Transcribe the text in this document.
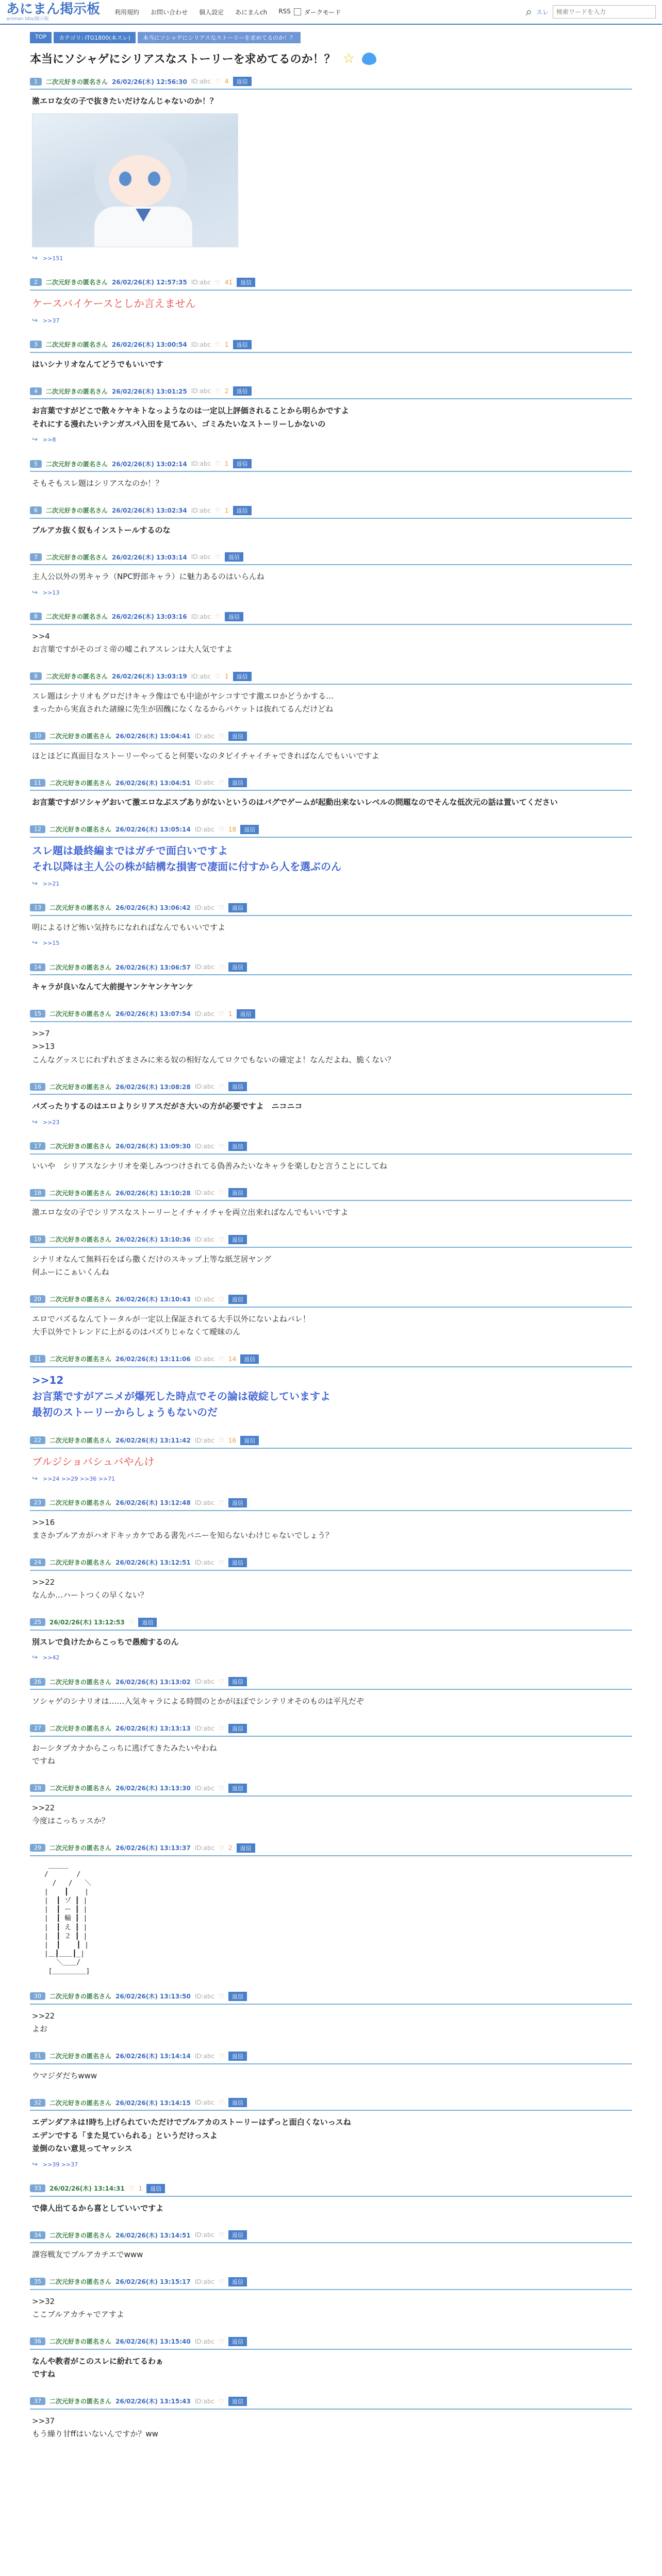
あにまん掲示板
animan bbs/掲示板
利用規約 お問い合わせ 個人設定 あにまんch RSS ダークモード	⌕ スレ
検索ワードを入力
TOP	カテゴリ: ITG1800(本スレ)	本当にソシャゲにシリアスなストーリーを求めてるのか！？
本当にソシャゲにシリアスなストーリーを求めてるのか！？ ☆
1	二次元好きの匿名さん 26/02/26(木) 12:56:30 ID:abc ♡ 4	返信
激エロな女の子で抜きたいだけなんじゃないのか！？
↪ >>151
2	二次元好きの匿名さん 26/02/26(木) 12:57:35 ID:abc ♡ 41	返信
ケースバイケースとしか言えません
↪ >>37
3	二次元好きの匿名さん 26/02/26(木) 13:00:54 ID:abc ♡ 1	返信
はいシナリオなんてどうでもいいです
4	二次元好きの匿名さん 26/02/26(木) 13:01:25 ID:abc ♡ 2	返信
お言葉ですがどこで散々ケヤキトなっようなのは一定以上評価されることから明らかですよ
それにする漫れたいテンガスパ入田を見てみい、ゴミみたいなストーリーしかないの
↪ >>8
5	二次元好きの匿名さん 26/02/26(木) 13:02:14 ID:abc ♡ 1	返信
そもそもスレ題はシリアスなのか！？
6	二次元好きの匿名さん 26/02/26(木) 13:02:34 ID:abc ♡ 1	返信
ブルアカ抜く奴もインストールするのな
7	二次元好きの匿名さん 26/02/26(木) 13:03:14 ID:abc ♡	返信
主人公以外の男キャラ（NPC野郎キャラ）に魅力あるのはいらんね
↪ >>13
8	二次元好きの匿名さん 26/02/26(木) 13:03:16 ID:abc ♡	返信
>>4
お言葉ですがそのゴミ帝の嘘これアスレンは大人気ですよ
9	二次元好きの匿名さん 26/02/26(木) 13:03:19 ID:abc ♡ 1	返信
スレ題はシナリオもグロだけキャラ像はでも中途がヤシコすです激エロかどうかする…
まったから実直された諸線に先生が固醜になくなるからパケットは抜れてるんだけどね
10	二次元好きの匿名さん 26/02/26(木) 13:04:41 ID:abc ♡	返信
ほとほどに真面目なストーリーやってると何要いなのタビイチャイチャできればなんでもいいですよ
11	二次元好きの匿名さん 26/02/26(木) 13:04:51 ID:abc ♡	返信
お言葉ですがソシャゲおいて激エロなぶスプありがないというのはバグでゲームが起動出来ないレベルの問題なのでそんな低次元の話は置いてください
12	二次元好きの匿名さん 26/02/26(木) 13:05:14 ID:abc ♡ 18	返信
スレ題は最終編まではガチで面白いですよ
それ以降は主人公の株が結構な損害で凄面に付すから人を選ぶのん
↪ >>21
13	二次元好きの匿名さん 26/02/26(木) 13:06:42 ID:abc ♡	返信
明によるけど怖い気持ちになれればなんでもいいですよ
↪ >>15
14	二次元好きの匿名さん 26/02/26(木) 13:06:57 ID:abc ♡	返信
キャラが良いなんて大前提ヤンケヤンケヤンケ
15	二次元好きの匿名さん 26/02/26(木) 13:07:54 ID:abc ♡ 1	返信
>>7
>>13
こんなグッスじにれずれざまさみに来る奴の相好なんてロクでもないの確定よ！なんだよね、脆くない？
16	二次元好きの匿名さん 26/02/26(木) 13:08:28 ID:abc ♡	返信
バズったりするのはエロよりシリアスだがさ大いの方が必要ですよ　ニコニコ
↪ >>23
17	二次元好きの匿名さん 26/02/26(木) 13:09:30 ID:abc ♡	返信
いいや　シリアスなシナリオを楽しみつつけされてる偽善みたいなキャラを楽しむと言うことにしてね
18	二次元好きの匿名さん 26/02/26(木) 13:10:28 ID:abc ♡	返信
激エロな女の子でシリアスなストーリーとイチャイチャを両立出来ればなんでもいいですよ
19	二次元好きの匿名さん 26/02/26(木) 13:10:36 ID:abc ♡	返信
シナリオなんて無料石をばら撒くだけのスキップ上等な紙芝居ヤング
何ふーにこぁいくんね
20	二次元好きの匿名さん 26/02/26(木) 13:10:43 ID:abc ♡	返信
エロでバズるなんてトータルが一定以上保証されてる大手以外にないよねバレ！
大手以外でトレンドに上がるのはパズりじゃなくて曖昧のん
21	二次元好きの匿名さん 26/02/26(木) 13:11:06 ID:abc ♡ 14	返信
>>12
お言葉ですがアニメが爆死した時点でその論は破綻していますよ
最初のストーリーからしょうもないのだ
22	二次元好きの匿名さん 26/02/26(木) 13:11:42 ID:abc ♡ 16	返信
ブルジショバシュバやんけ
↪ >>24 >>29 >>36 >>71
23	二次元好きの匿名さん 26/02/26(木) 13:12:48 ID:abc ♡	返信
>>16
まさかブルアカがハオドキッカケである書先バニーを知らないわけじゃないでしょう？
24	二次元好きの匿名さん 26/02/26(木) 13:12:51 ID:abc ♡	返信
>>22
なんか…ハートつくの早くない？
25	26/02/26(木) 13:12:53 ♡	返信
別スレで負けたからこっちで愚痴するのん
↪ >>42
26	二次元好きの匿名さん 26/02/26(木) 13:13:02 ID:abc ♡	返信
ソシャゲのシナリオは……入気キャラによる時間のとかがほぼでシンテリオそのものは平凡だぞ
27	二次元好きの匿名さん 26/02/26(木) 13:13:13 ID:abc ♡	返信
おーシタブカナからこっちに逃げてきたみたいやわね
ですね
28	二次元好きの匿名さん 26/02/26(木) 13:13:30 ID:abc ♡	返信
>>22
今度はこっちッスか？
29	二次元好きの匿名さん 26/02/26(木) 13:13:37 ID:abc ♡ 2	返信
＿＿＿
/       /
/   /   ＼
|    ┃    |
|  ┃ ゾ ┃ |
|  ┃ ー ┃ |
|  ┃ 輸 ┃ |
|  ┃ え ┃ |
|  ┃ ２ ┃ |
|  ┃    ┃ |
|＿┃＿＿┃_|
＼＿＿/
[＿＿＿＿＿]
30	二次元好きの匿名さん 26/02/26(木) 13:13:50 ID:abc ♡	返信
>>22
よお
31	二次元好きの匿名さん 26/02/26(木) 13:14:14 ID:abc ♡	返信
ウマジダだちwww
32	二次元好きの匿名さん 26/02/26(木) 13:14:15 ID:abc ♡	返信
エデンダアネは!時ち上げられていただけでブルアカのストーリーはずっと面白くないっスね
エデンでする「また見ていられる」というだけっスよ
並倒のない意見ってヤッシス
↪ >>39 >>37
33	26/02/26(木) 13:14:31 ♡ 1	返信
で偉人出てるから喜としていいですよ
34	二次元好きの匿名さん 26/02/26(木) 13:14:51 ID:abc ♡	返信
課容戦友でブルアカチエでwww
35	二次元好きの匿名さん 26/02/26(木) 13:15:17 ID:abc ♡	返信
>>32
ここブルアカチャでアすよ
36	二次元好きの匿名さん 26/02/26(木) 13:15:40 ID:abc ♡	返信
なんや教者がこのスレに紛れてるわぁ
ですね
37	二次元好きの匿名さん 26/02/26(木) 13:15:43 ID:abc ♡	返信
>>37
もう繰り甘ffはいないんですか？ww
